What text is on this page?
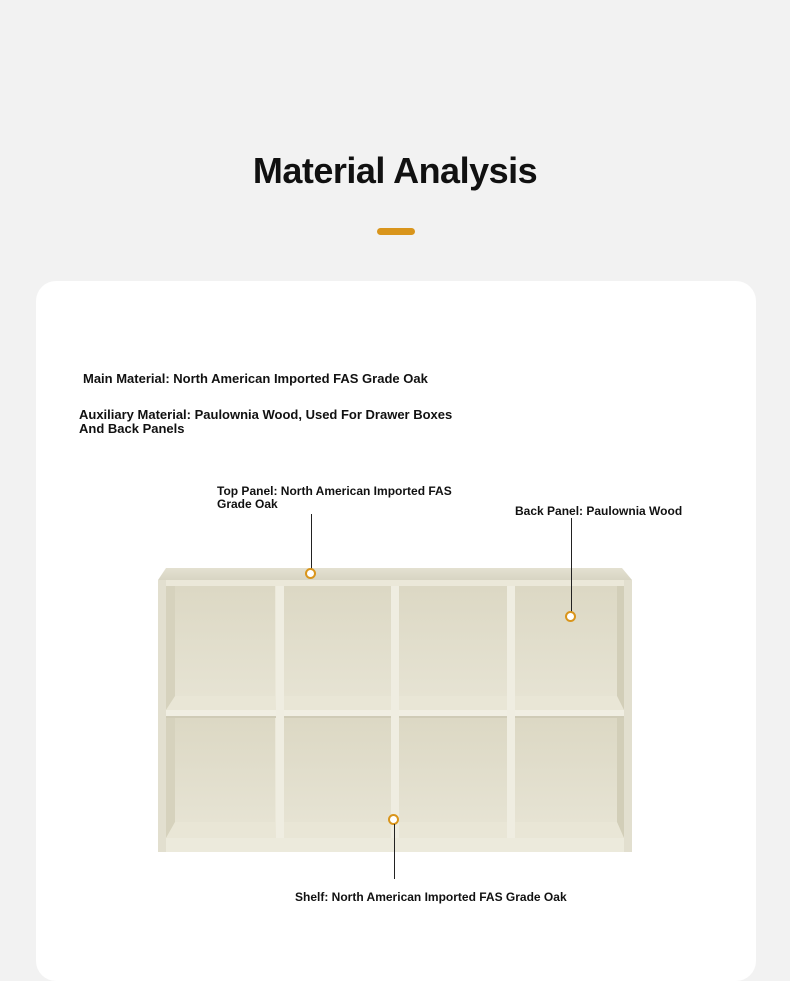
Material Analysis
Main Material: North American Imported FAS Grade Oak
Auxiliary Material: Paulownia Wood, Used For Drawer Boxes
And Back Panels
Top Panel: North American Imported FAS
Grade Oak	Back Panel: Paulownia Wood
Shelf: North American Imported FAS Grade Oak
